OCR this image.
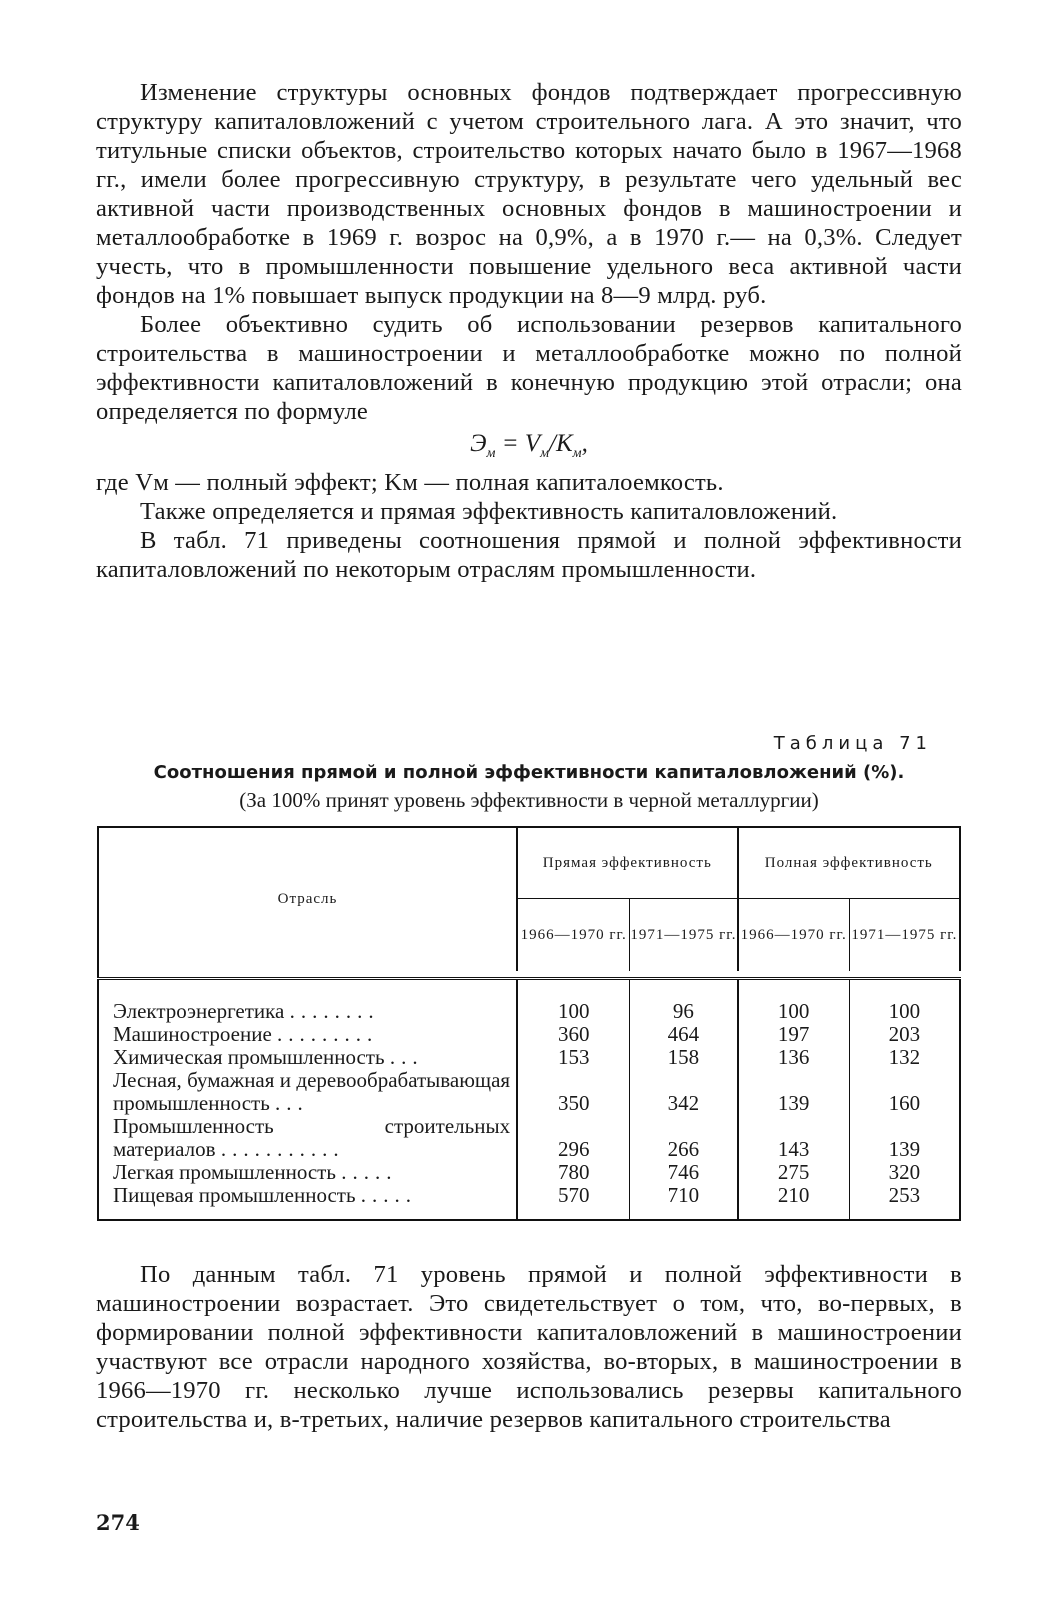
Изменение структуры основных фондов подтверждает прогрессивную структуру капиталовложений с учетом строительного лага. А это значит, что титульные списки объектов, строительство которых начато было в 1967—1968 гг., имели более прогрессивную структуру, в результате чего удельный вес активной части производственных основных фондов в машиностроении и металлообработке в 1969 г. возрос на 0,9%, а в 1970 г.— на 0,3%. Следует учесть, что в промышленности повышение удельного веса активной части фондов на 1% повышает выпуск продукции на 8—9 млрд. руб.

Более объективно судить об использовании резервов капитального строительства в машиностроении и металлообработке можно по полной эффективности капиталовложений в конечную продукцию этой отрасли; она определяется по формуле

$Э_м = V_м/K_м$,

где Vм — полный эффект; Kм — полная капиталоемкость.

Также определяется и прямая эффективность капиталовложений.

В табл. 71 приведены соотношения прямой и полной эффективности капиталовложений по некоторым отраслям промышленности.

Таблица 71
Соотношения прямой и полной эффективности капиталовложений (%).
(За 100% принят уровень эффективности в черной металлургии)
Отрасль	Прямая эффективность		Полная эффективность	
	1966—1970 гг.	1971—1975 гг.	1966—1970 гг.	1971—1975 гг.

Электроэнергетика ........	100	96	100	100
Машиностроение .........	360	464	197	203
Химическая промышленность ...	153	158	136	132
Лесная, бумажная и деревообрабатывающая промышленность ...	350	342	139	160
Промышленность строительных материалов ...........	296	266	143	139
Легкая промышленность .....	780	746	275	320
Пищевая промышленность .....	570	710	210	253

По данным табл. 71 уровень прямой и полной эффективности в машиностроении возрастает. Это свидетельствует о том, что, во-первых, в формировании полной эффективности капиталовложений в машиностроении участвуют все отрасли народного хозяйства, во-вторых, в машиностроении в 1966—1970 гг. несколько лучше использовались резервы капитального строительства и, в-третьих, наличие резервов капитального строительства

274
